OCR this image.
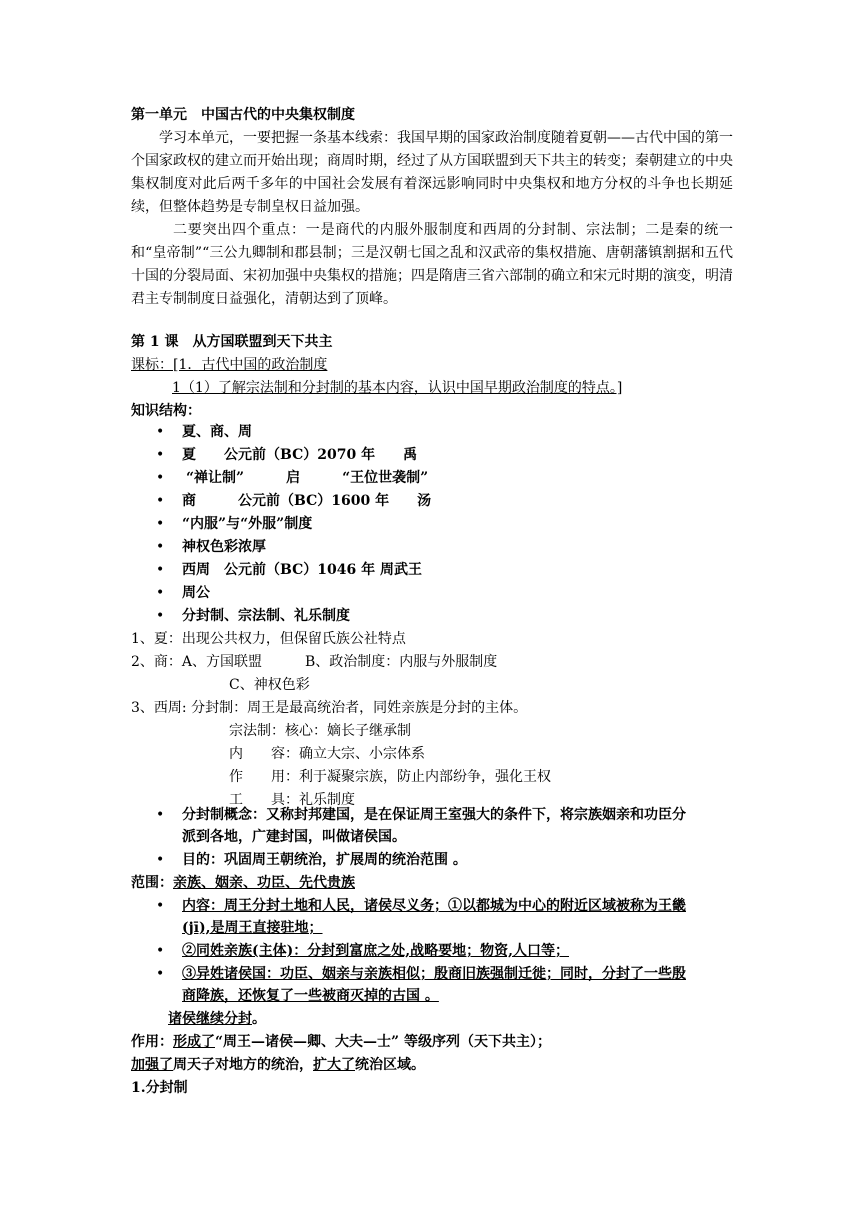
第一单元　中国古代的中央集权制度
学习本单元，一要把握一条基本线索：我国早期的国家政治制度随着夏朝——古代中国的第一个国家政权的建立而开始出现；商周时期，经过了从方国联盟到天下共主的转变；秦朝建立的中央集权制度对此后两千多年的中国社会发展有着深远影响同时中央集权和地方分权的斗争也长期延续，但整体趋势是专制皇权日益加强。
二要突出四个重点：一是商代的内服外服制度和西周的分封制、宗法制；二是秦的统一和“皇帝制”“三公九卿制和郡县制；三是汉朝七国之乱和汉武帝的集权措施、唐朝藩镇割据和五代十国的分裂局面、宋初加强中央集权的措施；四是隋唐三省六部制的确立和宋元时期的演变，明清君主专制制度日益强化，清朝达到了顶峰。
第 1 课　从方国联盟到天下共主
课标：[1．古代中国的政治制度
1（1）了解宗法制和分封制的基本内容，认识中国早期政治制度的特点。]
知识结构：
• 夏、商、周
• 夏　　公元前（BC）2070 年　　禹
• “禅让制”　　　启　　　“王位世袭制”
• 商　　　公元前（BC）1600 年　　汤
• “内服”与“外服”制度
• 神权色彩浓厚
• 西周　公元前（BC）1046 年 周武王
• 周公
• 分封制、宗法制、礼乐制度
1、夏：出现公共权力，但保留氏族公社特点
2、商：A、方国联盟	B、政治制度：内服与外服制度
C、神权色彩
3、西周: 分封制：周王是最高统治者，同姓亲族是分封的主体。
宗法制：核心：嫡长子继承制
内　　容：确立大宗、小宗体系
作　　用：利于凝聚宗族，防止内部纷争，强化王权
工　　具：礼乐制度
• 分封制概念：又称封邦建国，是在保证周王室强大的条件下，将宗族姻亲和功臣分
派到各地，广建封国，叫做诸侯国。
• 目的：巩固周王朝统治，扩展周的统治范围 。
范围：亲族、姻亲、功臣、先代贵族
• 内容：周王分封土地和人民，诸侯尽义务；①以都城为中心的附近区域被称为王畿
(jī),是周王直接驻地；
• ②同姓亲族(主体)：分封到富庶之处,战略要地；物资,人口等；
• ③异姓诸侯国：功臣、姻亲与亲族相似；殷商旧族强制迁徙；同时，分封了一些殷
商降族，还恢复了一些被商灭掉的古国 。
诸侯继续分封。
作用：形成了“周王—诸侯—卿、大夫—士” 等级序列（天下共主）；
加强了周天子对地方的统治，扩大了统治区域。
1.分封制
